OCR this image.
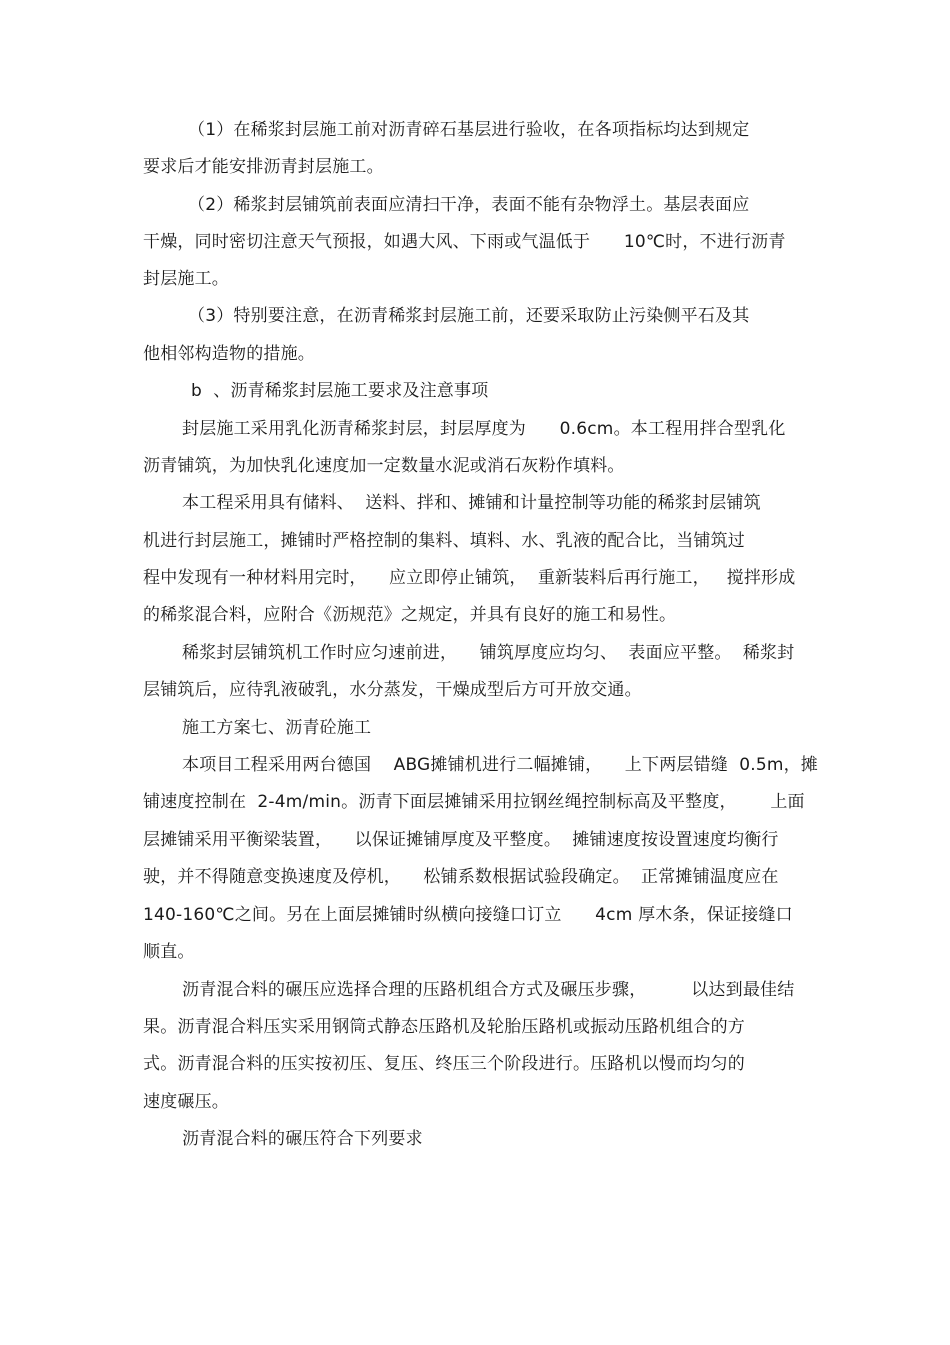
（1）在稀浆封层施工前对沥青碎石基层进行验收，在各项指标均达到规定
要求后才能安排沥青封层施工。
（2）稀浆封层铺筑前表面应清扫干净，表面不能有杂物浮土。基层表面应
干燥，同时密切注意天气预报，如遇大风、下雨或气温低于      10℃时，不进行沥青
封层施工。
（3）特别要注意，在沥青稀浆封层施工前，还要采取防止污染侧平石及其
他相邻构造物的措施。
b  、沥青稀浆封层施工要求及注意事项
封层施工采用乳化沥青稀浆封层，封层厚度为      0.6cm。本工程用拌合型乳化
沥青铺筑，为加快乳化速度加一定数量水泥或消石灰粉作填料。
本工程采用具有储料、  送料、拌和、摊铺和计量控制等功能的稀浆封层铺筑
机进行封层施工，摊铺时严格控制的集料、填料、水、乳液的配合比，当铺筑过
程中发现有一种材料用完时，    应立即停止铺筑，  重新装料后再行施工，   搅拌形成
的稀浆混合料，应附合《沥规范》之规定，并具有良好的施工和易性。
稀浆封层铺筑机工作时应匀速前进，    铺筑厚度应均匀、  表面应平整。  稀浆封
层铺筑后，应待乳液破乳，水分蒸发，干燥成型后方可开放交通。
施工方案七、沥青砼施工
本项目工程采用两台德国    ABG摊铺机进行二幅摊铺，    上下两层错缝  0.5m，摊
铺速度控制在  2-4m/min。沥青下面层摊铺采用拉钢丝绳控制标高及平整度，      上面
层摊铺采用平衡梁装置，    以保证摊铺厚度及平整度。  摊铺速度按设置速度均衡行
驶，并不得随意变换速度及停机，    松铺系数根据试验段确定。  正常摊铺温度应在
140-160℃之间。另在上面层摊铺时纵横向接缝口订立      4cm 厚木条，保证接缝口
顺直。
沥青混合料的碾压应选择合理的压路机组合方式及碾压步骤，        以达到最佳结
果。沥青混合料压实采用钢筒式静态压路机及轮胎压路机或振动压路机组合的方
式。沥青混合料的压实按初压、复压、终压三个阶段进行。压路机以慢而均匀的
速度碾压。
沥青混合料的碾压符合下列要求
